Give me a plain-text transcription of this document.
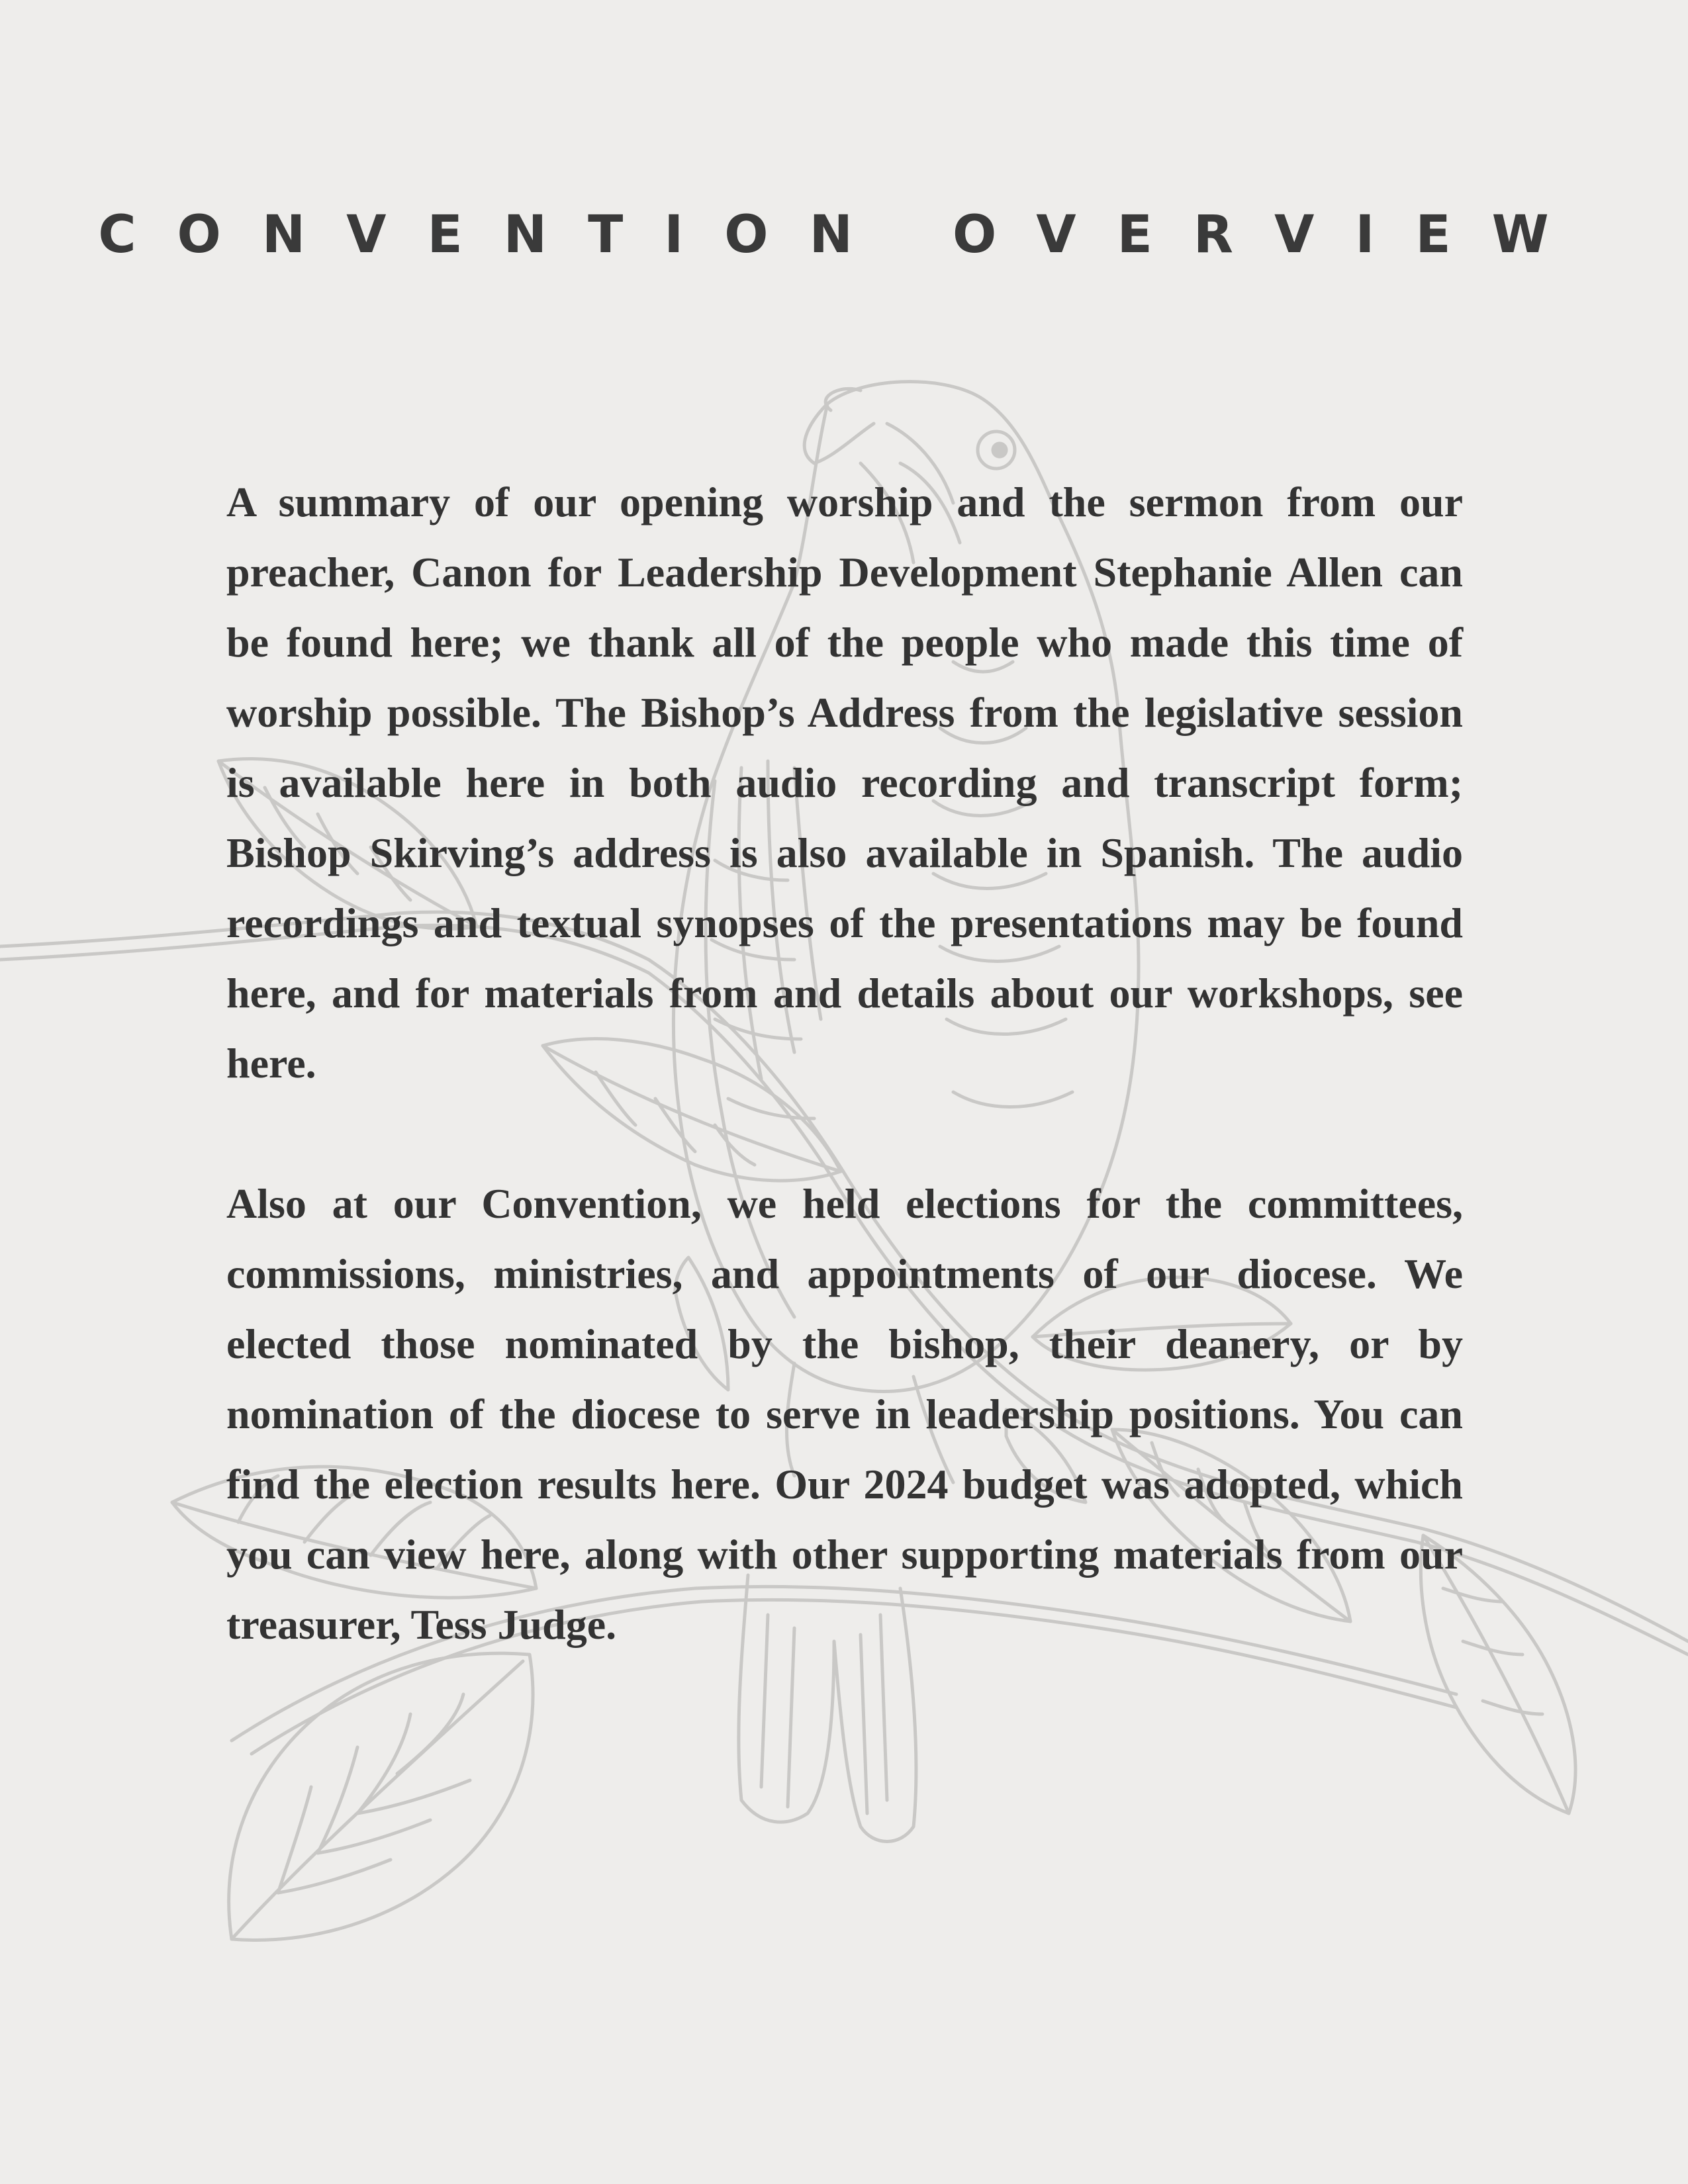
CONVENTION OVERVIEW

A summary of our opening worship and the sermon from our preacher, Canon for Leadership Development Stephanie Allen can be found here; we thank all of the people who made this time of worship possible. The Bishop’s Address from the legislative session is available here in both audio recording and transcript form; Bishop Skirving’s address is also available in Spanish. The audio recordings and textual synopses of the presentations may be found here, and for materials from and details about our workshops, see here.

Also at our Convention, we held elections for the committees, commissions, ministries, and appointments of our diocese. We elected those nominated by the bishop, their deanery, or by nomination of the diocese to serve in leadership positions. You can find the election results here. Our 2024 budget was adopted, which you can view here, along with other supporting materials from our treasurer, Tess Judge.
